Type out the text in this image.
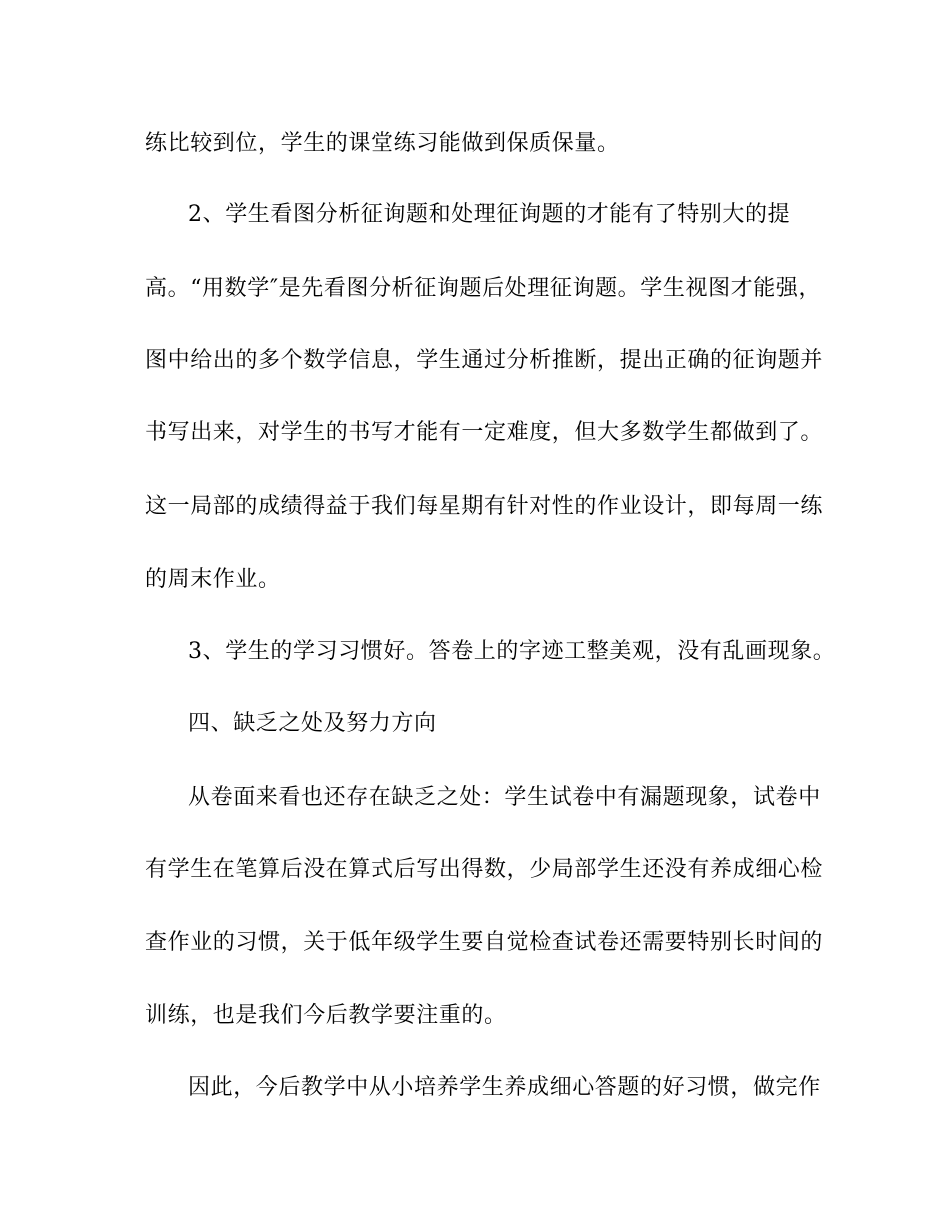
练比较到位，学生的课堂练习能做到保质保量。
2、学生看图分析征询题和处理征询题的才能有了特别大的提
高。“用数学″是先看图分析征询题后处理征询题。学生视图才能强，
图中给出的多个数学信息，学生通过分析推断，提出正确的征询题并
书写出来，对学生的书写才能有一定难度，但大多数学生都做到了。
这一局部的成绩得益于我们每星期有针对性的作业设计，即每周一练
的周末作业。
3、学生的学习习惯好。答卷上的字迹工整美观，没有乱画现象。
四、缺乏之处及努力方向
从卷面来看也还存在缺乏之处：学生试卷中有漏题现象，试卷中
有学生在笔算后没在算式后写出得数，少局部学生还没有养成细心检
查作业的习惯，关于低年级学生要自觉检查试卷还需要特别长时间的
训练，也是我们今后教学要注重的。
因此，今后教学中从小培养学生养成细心答题的好习惯，做完作
